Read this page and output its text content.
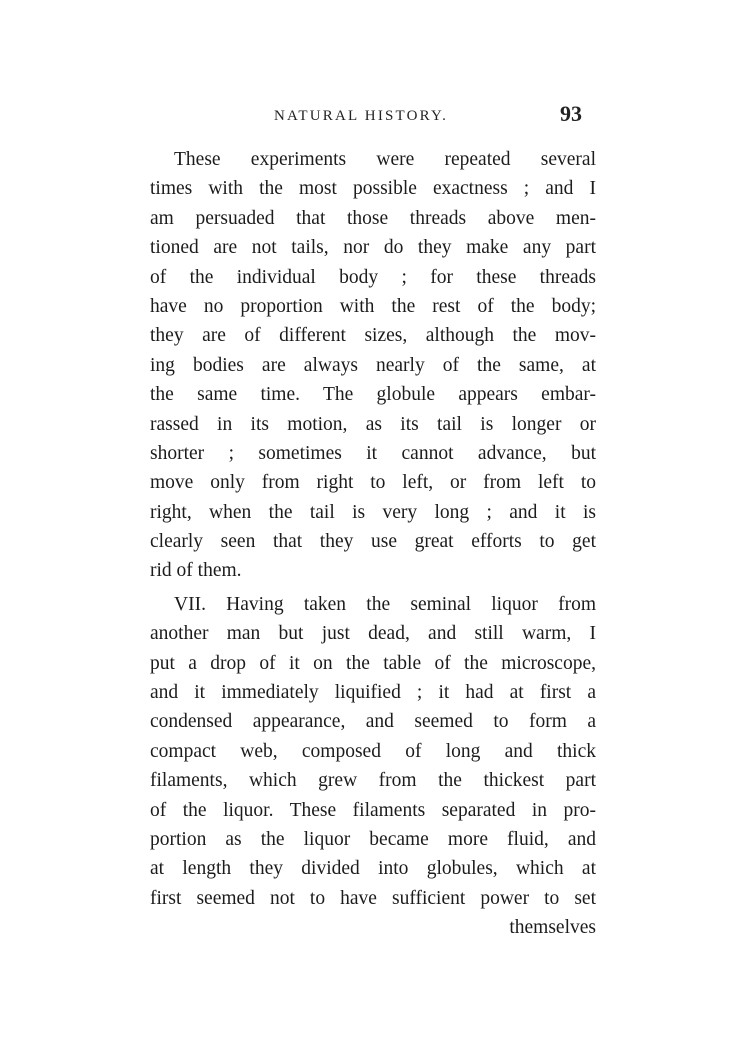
NATURAL HISTORY.	93
These experiments were repeated several
times with the most possible exactness ; and I
am persuaded that those threads above men-
tioned are not tails, nor do they make any part
of the individual body ; for these threads
have no proportion with the rest of the body;
they are of different sizes, although the mov-
ing bodies are always nearly of the same, at
the same time. The globule appears embar-
rassed in its motion, as its tail is longer or
shorter ; sometimes it cannot advance, but
move only from right to left, or from left to
right, when the tail is very long ; and it is
clearly seen that they use great efforts to get
rid of them.
VII. Having taken the seminal liquor from
another man but just dead, and still warm, I
put a drop of it on the table of the microscope,
and it immediately liquified ; it had at first a
condensed appearance, and seemed to form a
compact web, composed of long and thick
filaments, which grew from the thickest part
of the liquor. These filaments separated in pro-
portion as the liquor became more fluid, and
at length they divided into globules, which at
first seemed not to have sufficient power to set
themselves
